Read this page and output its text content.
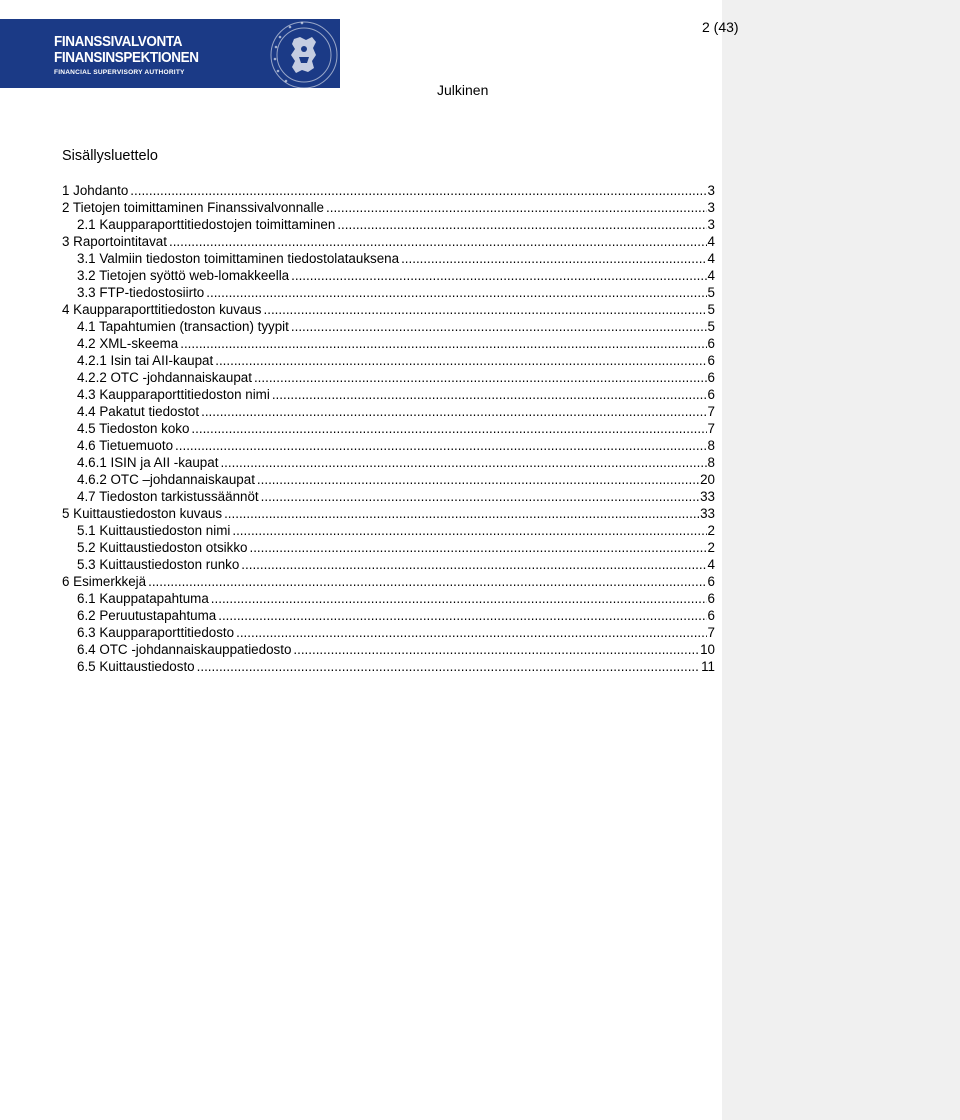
FINANSSIVALVONTA
FINANSINSPEKTIONEN
FINANCIAL SUPERVISORY AUTHORITY
2 (43)
Julkinen
Sisällysluettelo
1 Johdanto .....	3
2 Tietojen toimittaminen Finanssivalvonnalle .....	3
2.1 Kaupparaporttitiedostojen toimittaminen .....	3
3 Raportointitavat .....	4
3.1 Valmiin tiedoston toimittaminen tiedostolatauksena .....	4
3.2 Tietojen syöttö web-lomakkeella .....	4
3.3 FTP-tiedostosiirto .....	5
4 Kaupparaporttitiedoston kuvaus .....	5
4.1 Tapahtumien (transaction) tyypit .....	5
4.2 XML-skeema .....	6
4.2.1 Isin tai AII-kaupat .....	6
4.2.2 OTC -johdannaiskaupat .....	6
4.3 Kaupparaporttitiedoston nimi .....	6
4.4 Pakatut tiedostot .....	7
4.5 Tiedoston koko .....	7
4.6 Tietuemuoto .....	8
4.6.1 ISIN ja AII -kaupat .....	8
4.6.2 OTC –johdannaiskaupat .....	20
4.7 Tiedoston tarkistussäännöt .....	33
5 Kuittaustiedoston kuvaus .....	33
5.1 Kuittaustiedoston nimi .....	2
5.2 Kuittaustiedoston otsikko .....	2
5.3 Kuittaustiedoston runko .....	4
6 Esimerkkejä .....	6
6.1 Kauppatapahtuma .....	6
6.2 Peruutustapahtuma .....	6
6.3 Kaupparaporttitiedosto .....	7
6.4 OTC -johdannaiskauppatiedosto .....	10
6.5 Kuittaustiedosto .....	11
